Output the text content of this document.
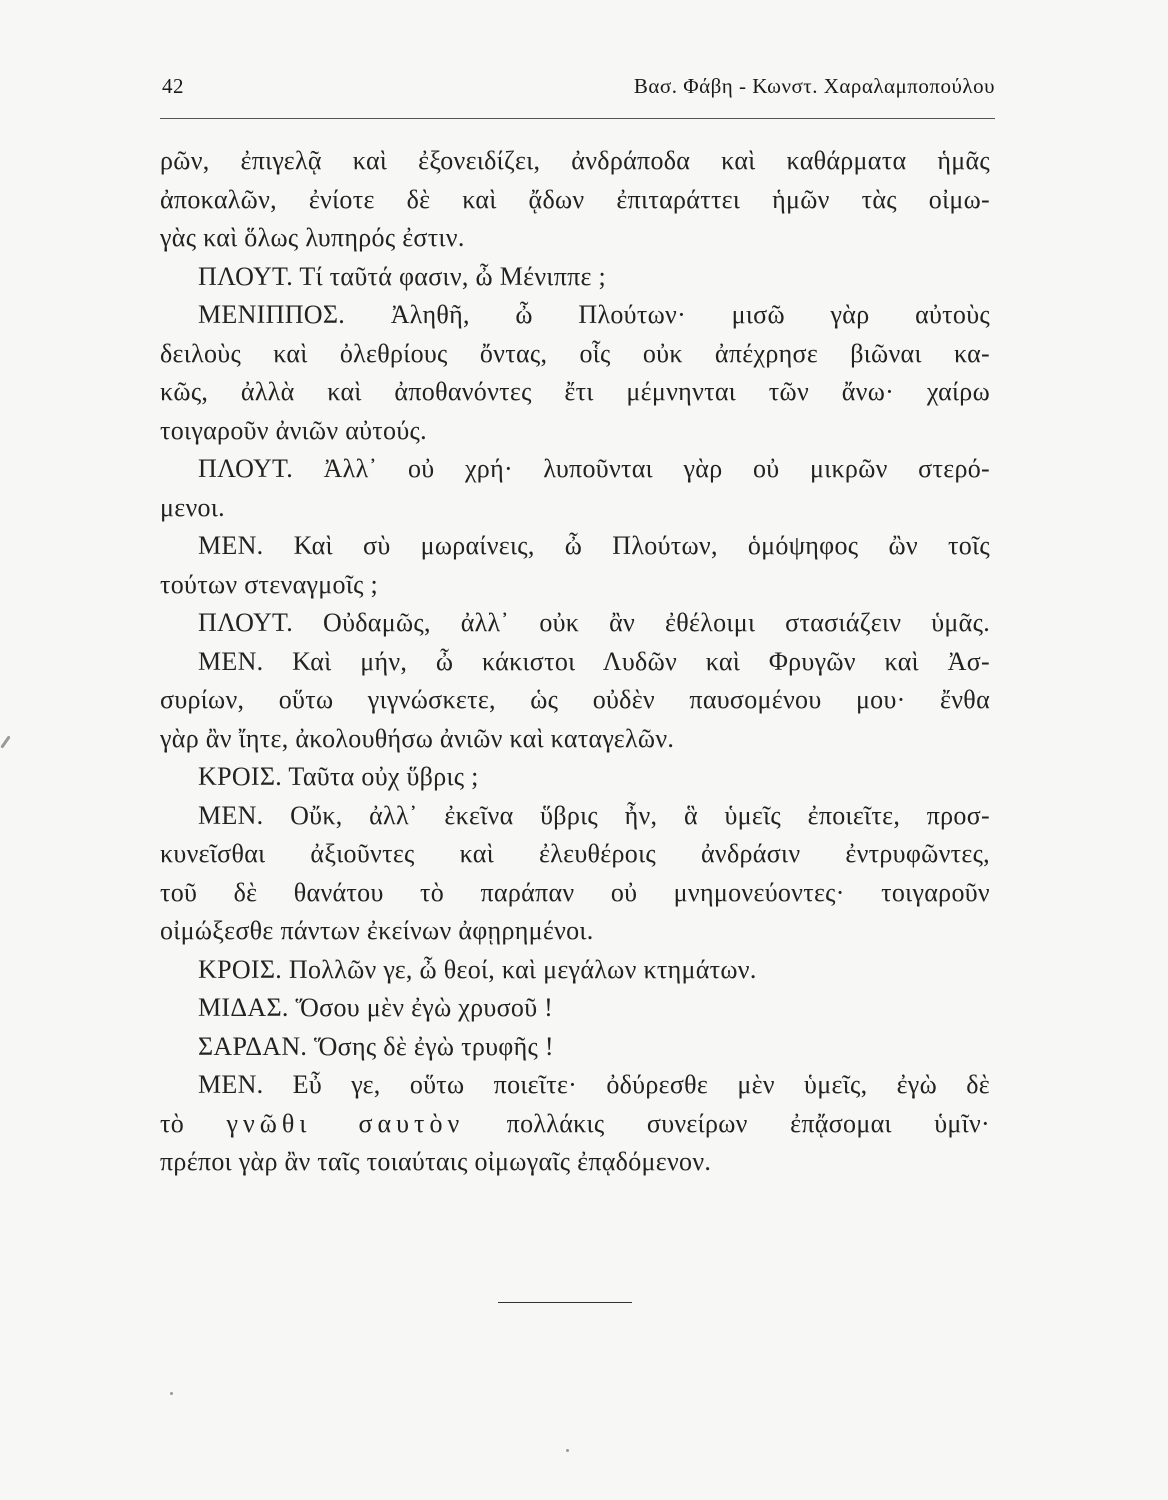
42	Βασ. Φάβη - Κωνστ. Χαραλαμποπούλου
ρῶν, ἐπιγελᾷ καὶ ἐξονειδίζει, ἀνδράποδα καὶ καθάρματα ἡμᾶς
ἀποκαλῶν, ἐνίοτε δὲ καὶ ᾄδων ἐπιταράττει ἡμῶν τὰς οἰμω-
γὰς καὶ ὅλως λυπηρός ἐστιν.
ΠΛΟΥΤ. Τί ταῦτά φασιν, ὦ Μένιππε ;
ΜΕΝΙΠΠΟΣ. Ἀληθῆ, ὦ Πλούτων· μισῶ γὰρ αὐτοὺς
δειλοὺς καὶ ὀλεθρίους ὄντας, οἷς οὐκ ἀπέχρησε βιῶναι κα-
κῶς, ἀλλὰ καὶ ἀποθανόντες ἔτι μέμνηνται τῶν ἄνω· χαίρω
τοιγαροῦν ἀνιῶν αὐτούς.
ΠΛΟΥΤ. Ἀλλ᾽ οὐ χρή· λυποῦνται γὰρ οὐ μικρῶν στερό-
μενοι.
ΜΕΝ. Καὶ σὺ μωραίνεις, ὦ Πλούτων, ὁμόψηφος ὢν τοῖς
τούτων στεναγμοῖς ;
ΠΛΟΥΤ. Οὐδαμῶς, ἀλλ᾽ οὐκ ἂν ἐθέλοιμι στασιάζειν ὑμᾶς.
ΜΕΝ. Καὶ μήν, ὦ κάκιστοι Λυδῶν καὶ Φρυγῶν καὶ Ἀσ-
συρίων, οὕτω γιγνώσκετε, ὡς οὐδὲν παυσομένου μου· ἔνθα
γὰρ ἂν ἴητε, ἀκολουθήσω ἀνιῶν καὶ καταγελῶν.
ΚΡΟΙΣ. Ταῦτα οὐχ ὕβρις ;
ΜΕΝ. Οὔκ, ἀλλ᾽ ἐκεῖνα ὕβρις ἦν, ἃ ὑμεῖς ἐποιεῖτε, προσ-
κυνεῖσθαι ἀξιοῦντες καὶ ἐλευθέροις ἀνδράσιν ἐντρυφῶντες,
τοῦ δὲ θανάτου τὸ παράπαν οὐ μνημονεύοντες· τοιγαροῦν
οἰμώξεσθε πάντων ἐκείνων ἀφῃρημένοι.
ΚΡΟΙΣ. Πολλῶν γε, ὦ θεοί, καὶ μεγάλων κτημάτων.
ΜΙΔΑΣ. Ὅσου μὲν ἐγὼ χρυσοῦ !
ΣΑΡΔΑΝ. Ὅσης δὲ ἐγὼ τρυφῆς !
ΜΕΝ. Εὖ γε, οὕτω ποιεῖτε· ὀδύρεσθε μὲν ὑμεῖς, ἐγὼ δὲ
τὸ γνῶθι σαυτὸν πολλάκις συνείρων ἐπᾄσομαι ὑμῖν·
πρέποι γὰρ ἂν ταῖς τοιαύταις οἰμωγαῖς ἐπᾳδόμενον.
